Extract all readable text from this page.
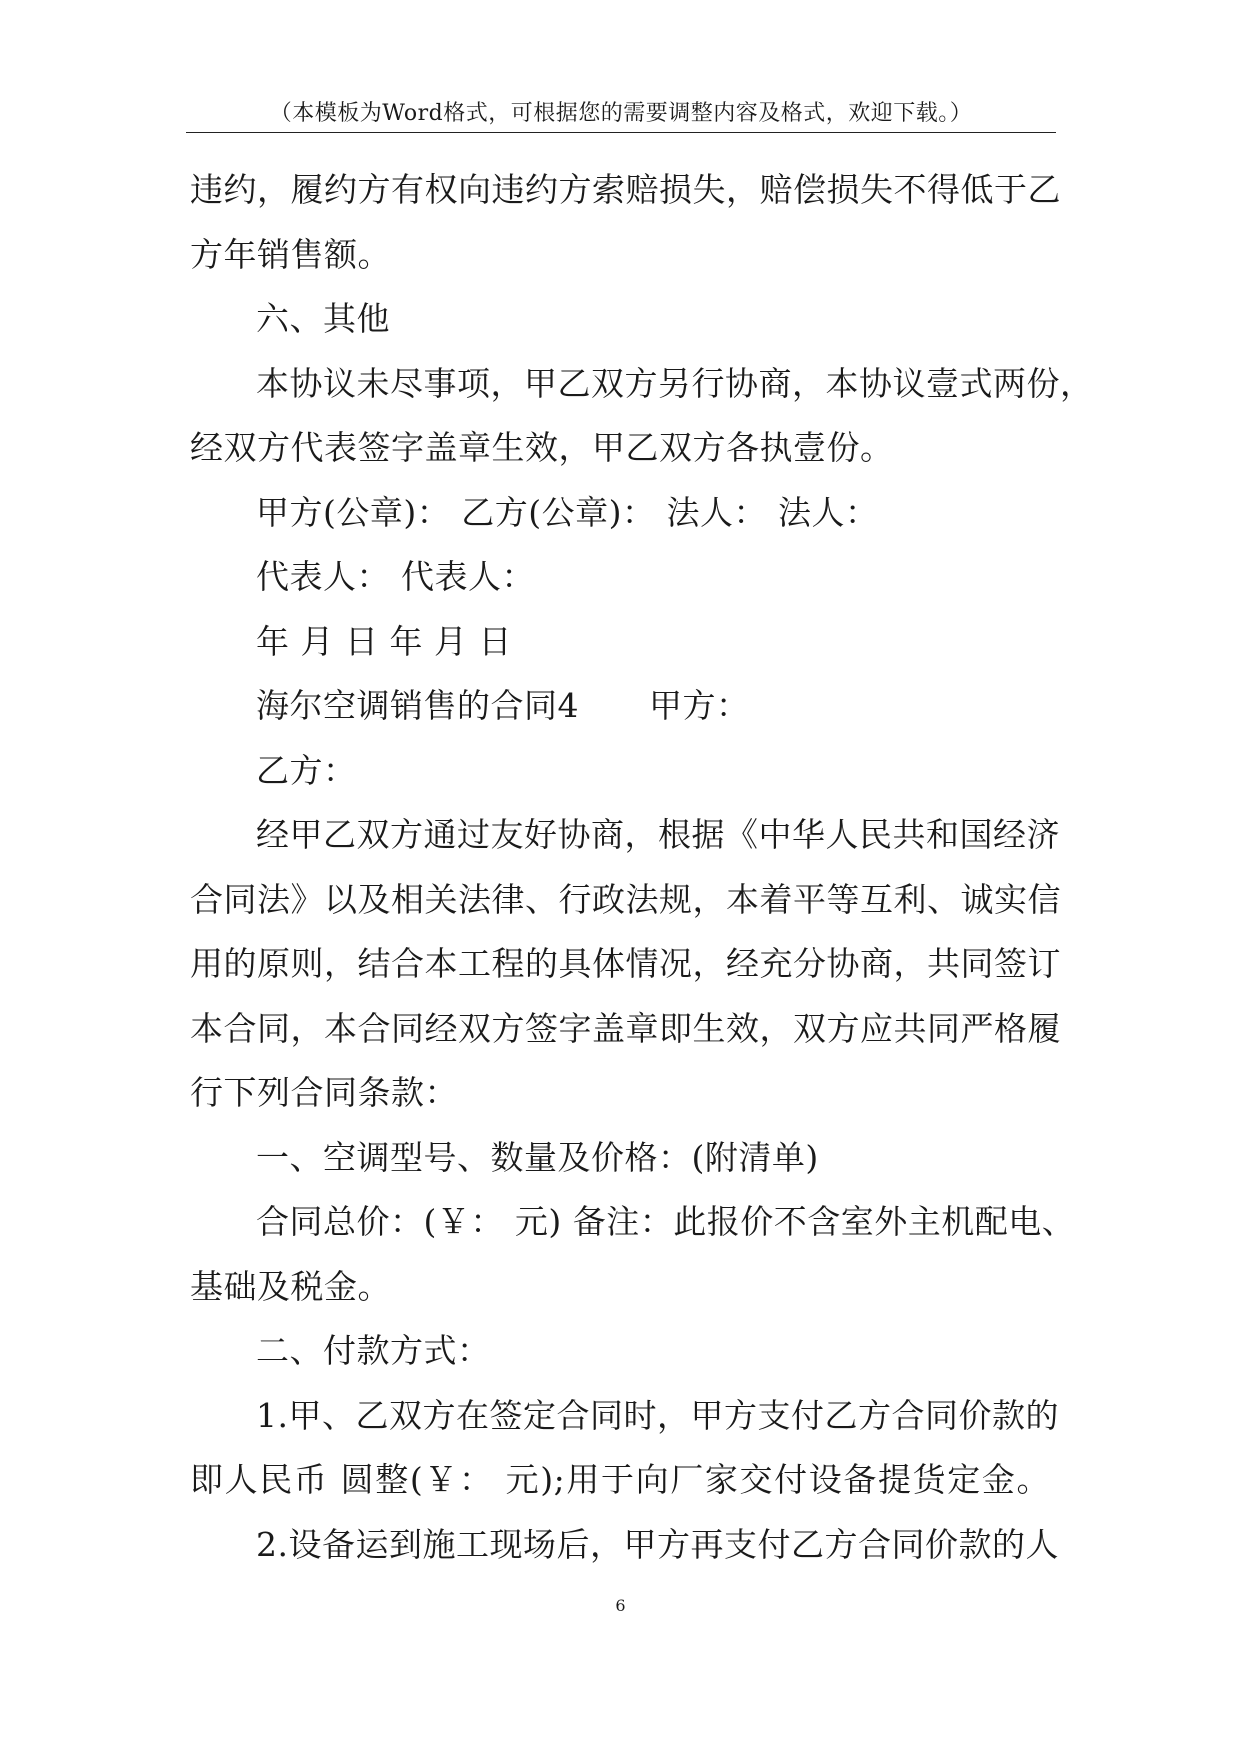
（本模板为Word格式，可根据您的需要调整内容及格式，欢迎下载。）
违约，履约方有权向违约方索赔损失，赔偿损失不得低于乙
方年销售额。
六、其他
本协议未尽事项，甲乙双方另行协商，本协议壹式两份，
经双方代表签字盖章生效，甲乙双方各执壹份。
甲方(公章)： 乙方(公章)： 法人： 法人：
代表人： 代表人：
年 月 日 年 月 日
海尔空调销售的合同4 甲方：
乙方：
经甲乙双方通过友好协商，根据《中华人民共和国经济
合同法》以及相关法律、行政法规，本着平等互利、诚实信
用的原则，结合本工程的具体情况，经充分协商，共同签订
本合同，本合同经双方签字盖章即生效，双方应共同严格履
行下列合同条款：
一、空调型号、数量及价格：(附清单)
合同总价：(￥： 元) 备注：此报价不含室外主机配电、
基础及税金。
二、付款方式：
1.甲、乙双方在签定合同时，甲方支付乙方合同价款的
即人民币 圆整(￥： 元);用于向厂家交付设备提货定金。
2.设备运到施工现场后，甲方再支付乙方合同价款的人
6
